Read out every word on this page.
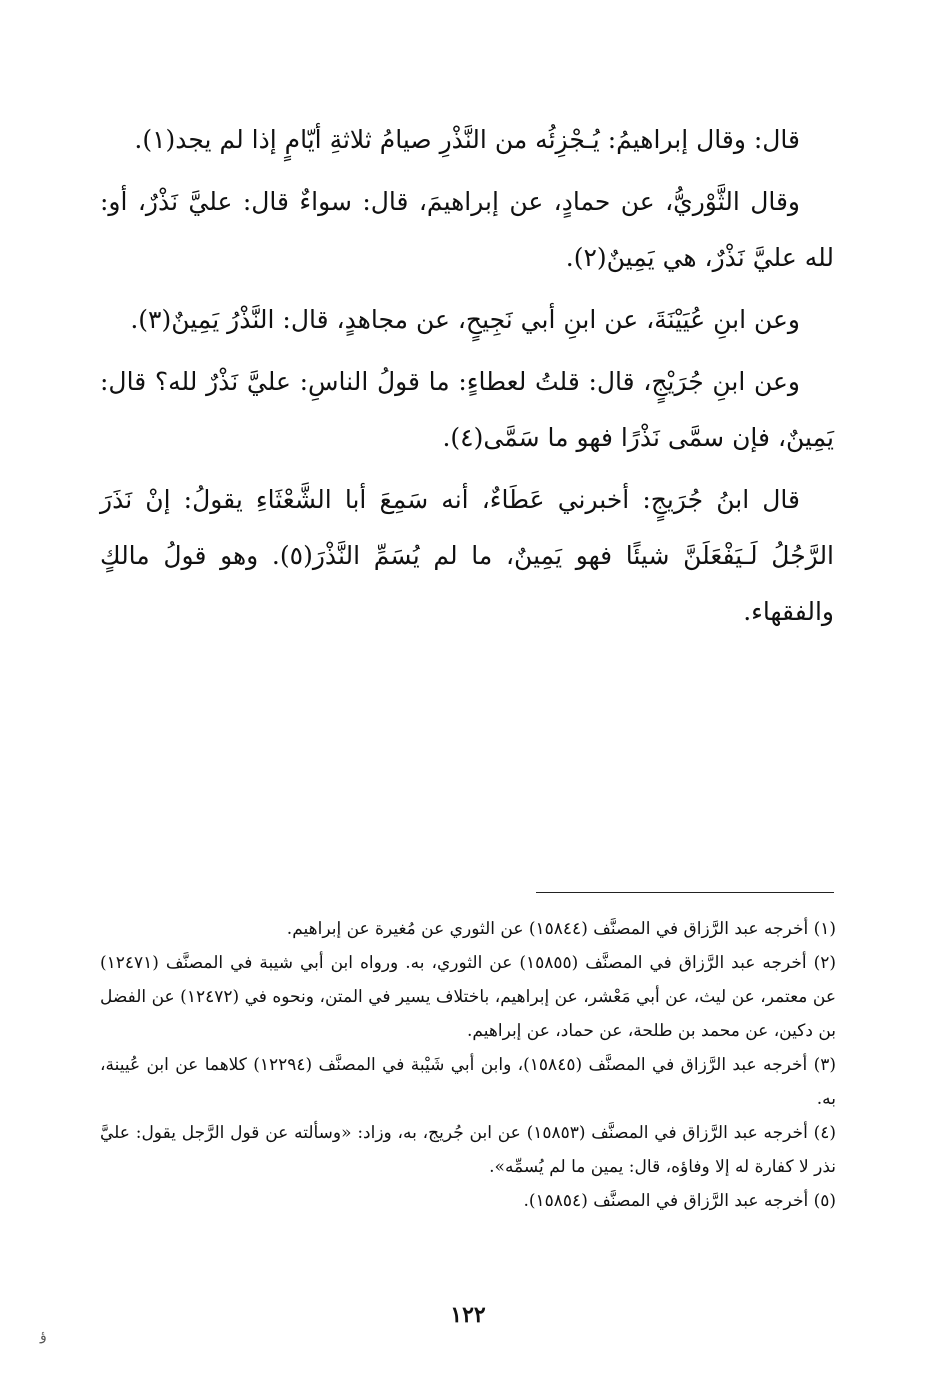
قال: وقال إبراهيمُ: يُـجْزِئُه من النَّذْرِ صيامُ ثلاثةِ أيّامٍ إذا لم يجد(١).

وقال الثَّوْريُّ، عن حمادٍ، عن إبراهيمَ، قال: سواءٌ قال: عليَّ نَذْرٌ، أو: لله عليَّ نَذْرٌ، هي يَمِينٌ(٢).

وعن ابنِ عُيَيْنَةَ، عن ابنِ أبي نَجِيحٍ، عن مجاهدٍ، قال: النَّذْرُ يَمِينٌ(٣).

وعن ابنِ جُرَيْجٍ، قال: قلتُ لعطاءٍ: ما قولُ الناسِ: عليَّ نَذْرٌ لله؟ قال: يَمِينٌ، فإن سمَّى نَذْرًا فهو ما سَمَّى(٤).

قال ابنُ جُرَيجٍ: أخبرني عَطَاءٌ، أنه سَمِعَ أبا الشَّعْثَاءِ يقولُ: إنْ نَذَرَ الرَّجُلُ لَـيَفْعَلَنَّ شيئًا فهو يَمِينٌ، ما لم يُسَمِّ النَّذْرَ(٥). وهو قولُ مالكٍ والفقهاء.

(١) أخرجه عبد الرَّزاق في المصنَّف (١٥٨٤٤) عن الثوري عن مُغيرة عن إبراهيم.

(٢) أخرجه عبد الرَّزاق في المصنَّف (١٥٨٥٥) عن الثوري، به. ورواه ابن أبي شيبة في المصنَّف (١٢٤٧١) عن معتمر، عن ليث، عن أبي مَعْشر، عن إبراهيم، باختلاف يسير في المتن، ونحوه في (١٢٤٧٢) عن الفضل بن دكين، عن محمد بن طلحة، عن حماد، عن إبراهيم.

(٣) أخرجه عبد الرَّزاق في المصنَّف (١٥٨٤٥)، وابن أبي شَيْبة في المصنَّف (١٢٢٩٤) كلاهما عن ابن عُيينة، به.

(٤) أخرجه عبد الرَّزاق في المصنَّف (١٥٨٥٣) عن ابن جُريج، به، وزاد: «وسألته عن قول الرَّجل يقول: عليَّ نذر لا كفارة له إلا وفاؤه، قال: يمين ما لم يُسمِّه».

(٥) أخرجه عبد الرَّزاق في المصنَّف (١٥٨٥٤).

١٢٢
ؤ
